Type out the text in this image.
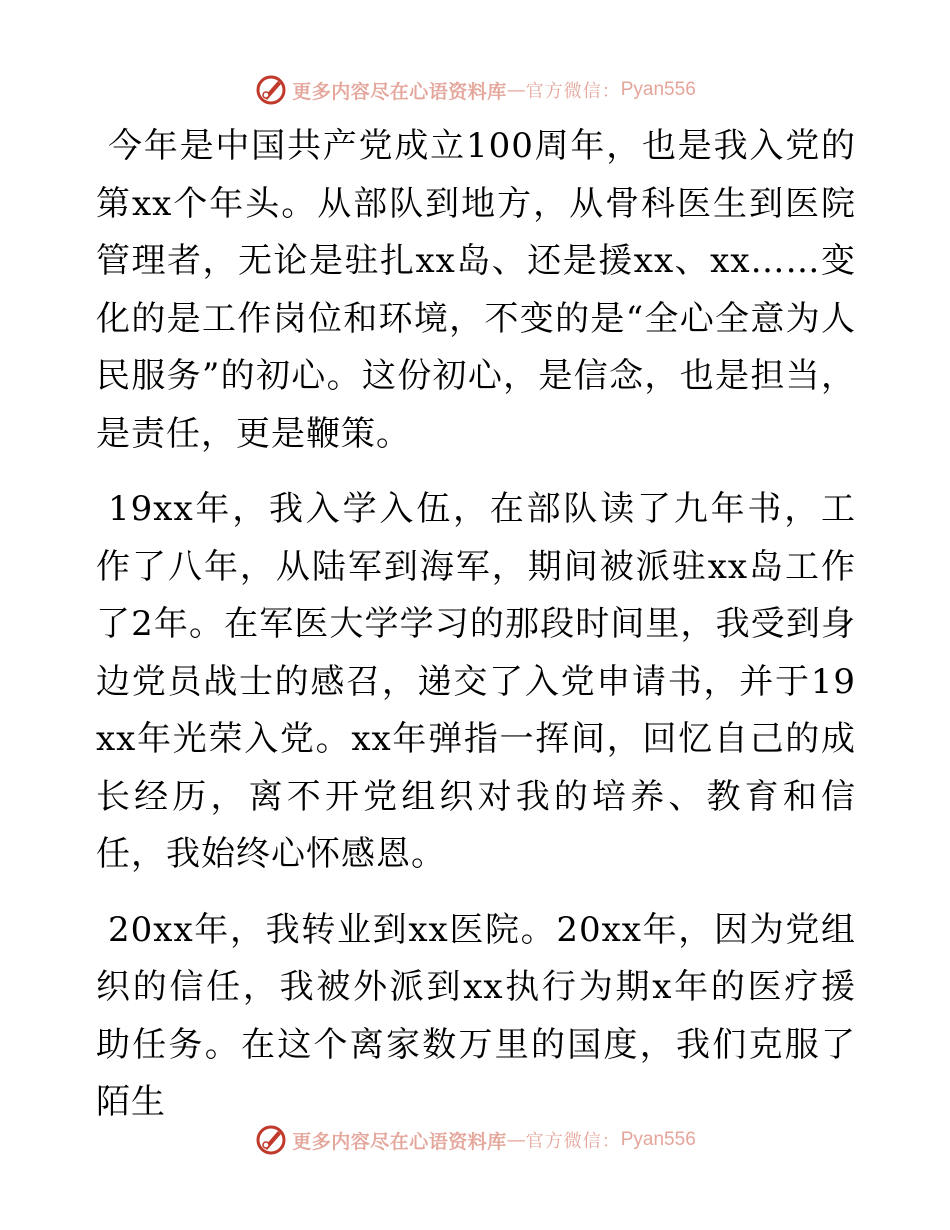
更多内容尽在心语资料库 — 官方微信： Pyan556

今年是中国共产党成立100周年，也是我入党的第xx个年头。从部队到地方，从骨科医生到医院管理者，无论是驻扎xx岛、还是援xx、xx……变化的是工作岗位和环境，不变的是“全心全意为人民服务”的初心。这份初心，是信念，也是担当，是责任，更是鞭策。

19xx年，我入学入伍，在部队读了九年书，工作了八年，从陆军到海军，期间被派驻xx岛工作了2年。在军医大学学习的那段时间里，我受到身边党员战士的感召，递交了入党申请书，并于19xx年光荣入党。xx年弹指一挥间，回忆自己的成长经历，离不开党组织对我的培养、教育和信任，我始终心怀感恩。

20xx年，我转业到xx医院。20xx年，因为党组织的信任，我被外派到xx执行为期x年的医疗援助任务。在这个离家数万里的国度，我们克服了陌生

更多内容尽在心语资料库 — 官方微信： Pyan556
